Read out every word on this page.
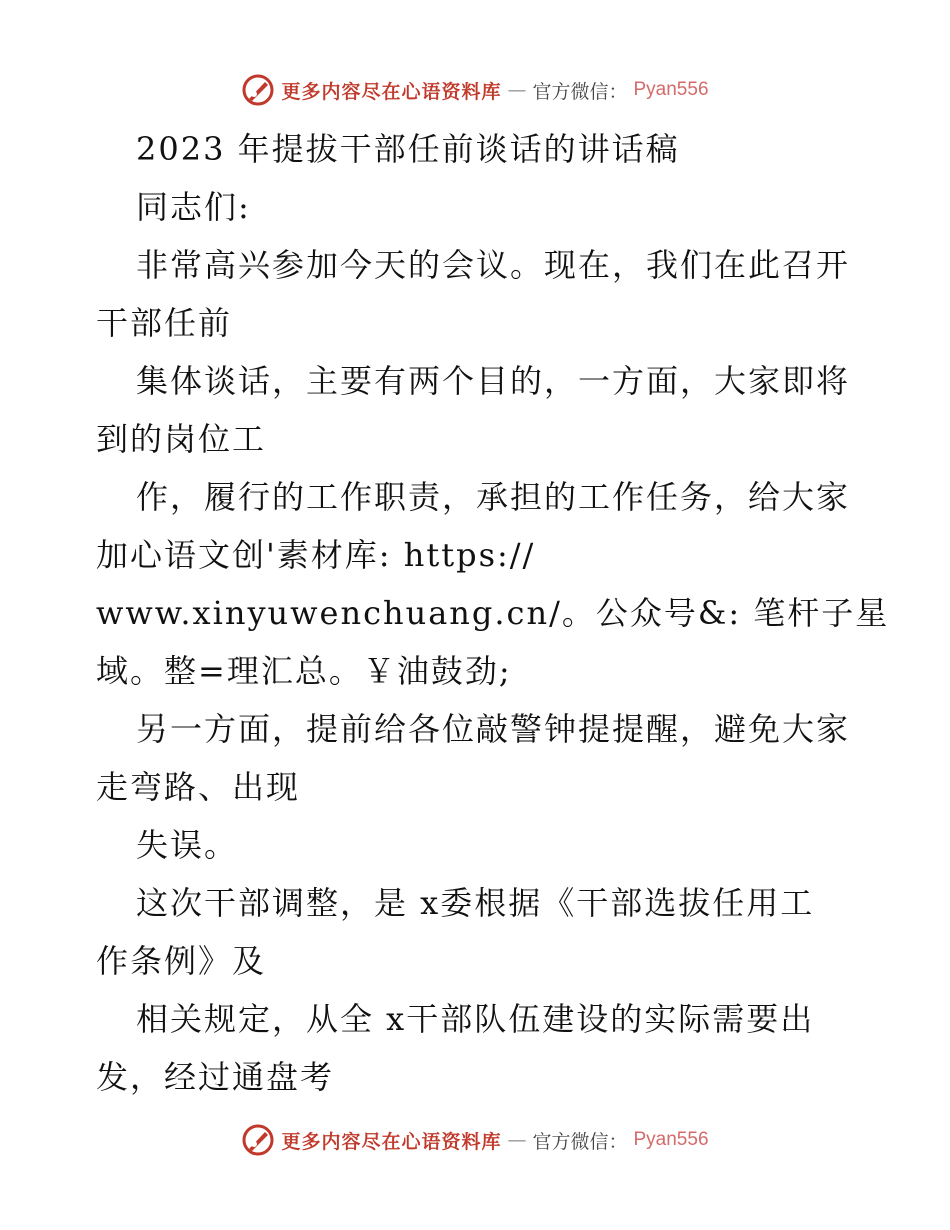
更多内容尽在心语资料库 — 官方微信： Pyan556
2023 年提拔干部任前谈话的讲话稿
同志们:
非常高兴参加今天的会议。现在，我们在此召开
干部任前
集体谈话，主要有两个目的，一方面，大家即将
到的岗位工
作，履行的工作职责，承担的工作任务，给大家
加心语文创'素材库: https://
www.xinyuwenchuang.cn/。公众号&: 笔杆子星
域。整=理汇总。￥油鼓劲;
另一方面，提前给各位敲警钟提提醒，避免大家
走弯路、出现
失误。
这次干部调整，是 x委根据《干部选拔任用工
作条例》及
相关规定，从全 x干部队伍建设的实际需要出
发，经过通盘考
更多内容尽在心语资料库 — 官方微信： Pyan556
